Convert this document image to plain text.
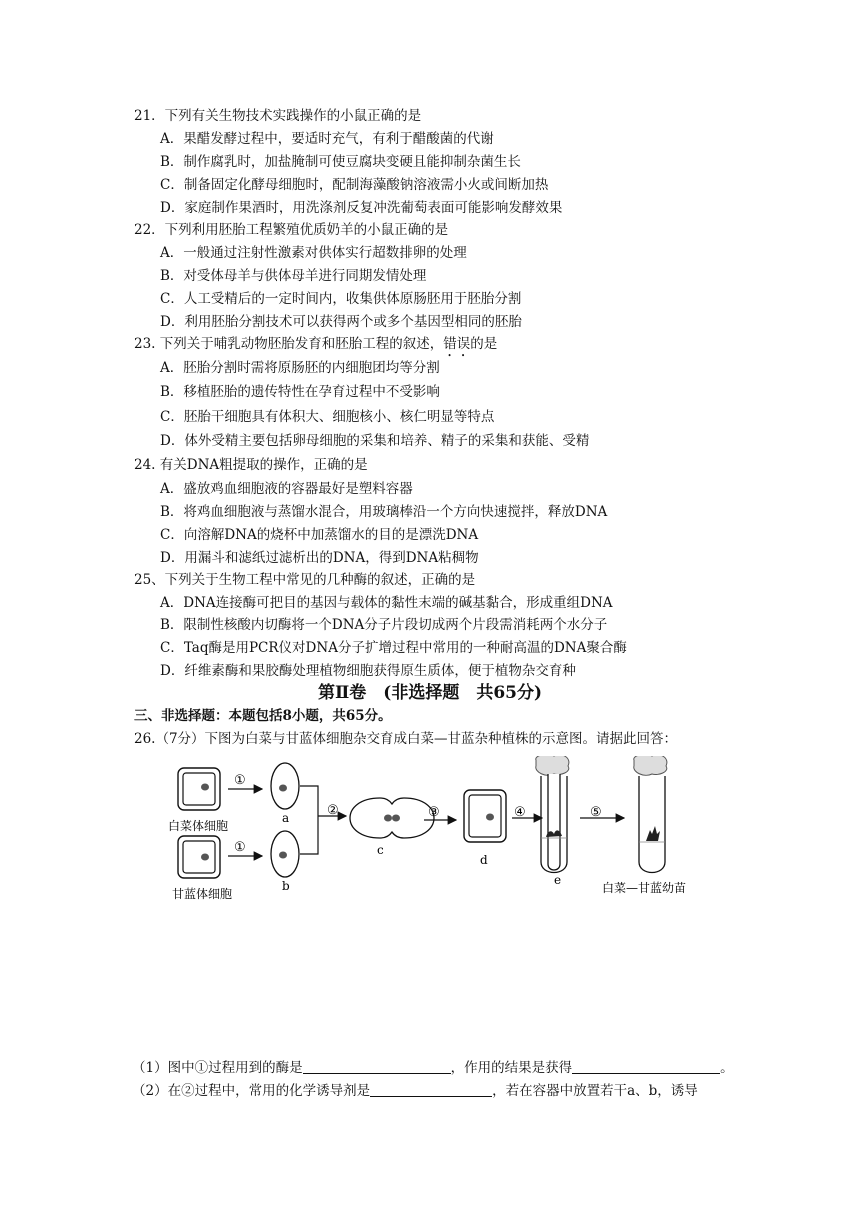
21．下列有关生物技术实践操作的小鼠正确的是
A．果醋发酵过程中，要适时充气，有利于醋酸菌的代谢
B．制作腐乳时，加盐腌制可使豆腐块变硬且能抑制杂菌生长
C．制备固定化酵母细胞时，配制海藻酸钠溶液需小火或间断加热
D．家庭制作果酒时，用洗涤剂反复冲洗葡萄表面可能影响发酵效果
22．下列利用胚胎工程繁殖优质奶羊的小鼠正确的是
A．一般通过注射性激素对供体实行超数排卵的处理
B．对受体母羊与供体母羊进行同期发情处理
C．人工受精后的一定时间内，收集供体原肠胚用于胚胎分割
D．利用胚胎分割技术可以获得两个或多个基因型相同的胚胎
23. 下列关于哺乳动物胚胎发育和胚胎工程的叙述，错误的是
A．胚胎分割时需将原肠胚的内细胞团均等分割
B．移植胚胎的遗传特性在孕育过程中不受影响
C．胚胎干细胞具有体积大、细胞核小、核仁明显等特点
D．体外受精主要包括卵母细胞的采集和培养、精子的采集和获能、受精
24. 有关DNA粗提取的操作，正确的是
A．盛放鸡血细胞液的容器最好是塑料容器
B．将鸡血细胞液与蒸馏水混合，用玻璃棒沿一个方向快速搅拌，释放DNA
C．向溶解DNA的烧杯中加蒸馏水的目的是漂洗DNA
D．用漏斗和滤纸过滤析出的DNA，得到DNA粘稠物
25、下列关于生物工程中常见的几种酶的叙述，正确的是
A．DNA连接酶可把目的基因与载体的黏性末端的碱基黏合，形成重组DNA
B．限制性核酸内切酶将一个DNA分子片段切成两个片段需消耗两个水分子
C．Taq酶是用PCR仪对DNA分子扩增过程中常用的一种耐高温的DNA聚合酶
D．纤维素酶和果胶酶处理植物细胞获得原生质体，便于植物杂交育种
第Ⅱ卷　(非选择题　共65分)
三、非选择题：本题包括8小题，共65分。
26.（7分）下图为白菜与甘蓝体细胞杂交育成白菜—甘蓝杂种植株的示意图。请据此回答：
白菜体细胞
甘蓝体细胞
①
①
a
b
②
c
③
d
④
e
⑤
白菜—甘蓝幼苗
（1）图中①过程用到的酶是	，作用的结果是获得	。
（2）在②过程中，常用的化学诱导剂是	，若在容器中放置若干a、b，诱导
